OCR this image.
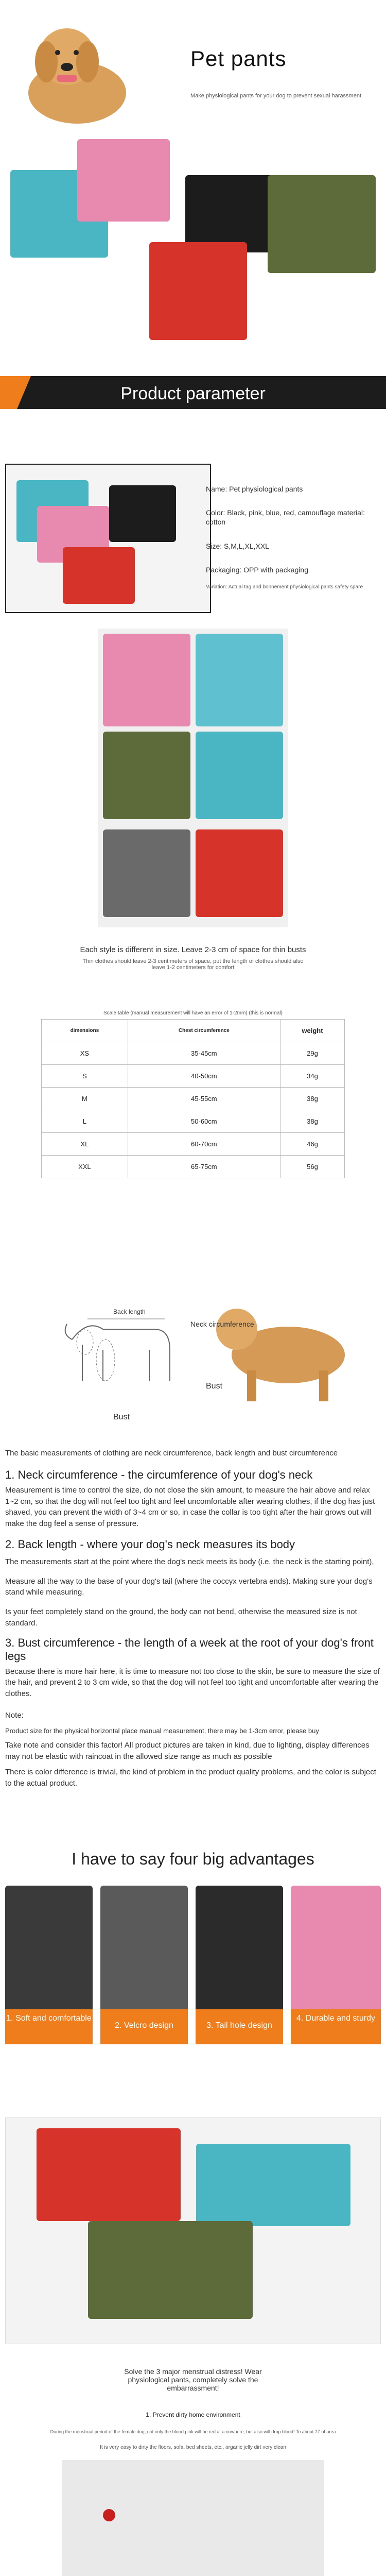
Pet pants
Make physiological pants for your dog to prevent sexual harassment
Product parameter
Name: Pet physiological pants
Color: Black, pink, blue, red, camouflage material: cotton
Size: S,M,L,XL,XXL
Packaging: OPP with packaging
Variation: Actual tag and bonnement physiological pants safety spare
Each style is different in size. Leave 2-3 cm of space for thin busts
Thin clothes should leave 2-3 centimeters of space, put the length of clothes should also leave 1-2 centimeters for comfort
Scale table (manual measurement will have an error of 1-2mm) (this is normal)
dimensions	Chest circumference	weight
XS	35-45cm	29g
S	40-50cm	34g
M	45-55cm	38g
L	50-60cm	38g
XL	60-70cm	46g
XXL	65-75cm	56g
Back length
Bust
Neck circumference
Bust

The basic measurements of clothing are neck circumference, back length and bust circumference

1. Neck circumference - the circumference of your dog's neck

Measurement is time to control the size, do not close the skin amount, to measure the hair above and relax 1~2 cm, so that the dog will not feel too tight and feel uncomfortable after wearing clothes, if the dog has just shaved, you can prevent the width of 3~4 cm or so, in case the collar is too tight after the hair grows out will make the dog feel a sense of pressure.

2. Back length - where your dog's neck measures its body

The measurements start at the point where the dog's neck meets its body (i.e. the neck is the starting point),

Measure all the way to the base of your dog's tail (where the coccyx vertebra ends). Making sure your dog's stand while measuring.

Is your feet completely stand on the ground, the body can not bend, otherwise the measured size is not standard.

3. Bust circumference - the length of a week at the root of your dog's front legs

Because there is more hair here, it is time to measure not too close to the skin, be sure to measure the size of the hair, and prevent 2 to 3 cm wide, so that the dog will not feel too tight and uncomfortable after wearing the clothes.

Note:

Product size for the physical horizontal place manual measurement, there may be 1-3cm error, please buy

Take note and consider this factor! All product pictures are taken in kind, due to lighting, display differences may not be elastic with raincoat in the allowed size range as much as possible

There is color difference is trivial, the kind of problem in the product quality problems, and the color is subject to the actual product.

I have to say four big advantages
1. Soft and comfortable
2. Velcro design	3. Tail hole design
4. Durable and sturdy
Solve the 3 major menstrual distress! Wear physiological pants, completely solve the embarrassment!
1. Prevent dirty home environment
During the menstrual period of the female dog, not only the blood pink will be red at a nowhere, but also will drop blood! To about 77 of area
It is very easy to dirty the floors, sofa, bed sheets, etc., organic jelly dirt very clean
